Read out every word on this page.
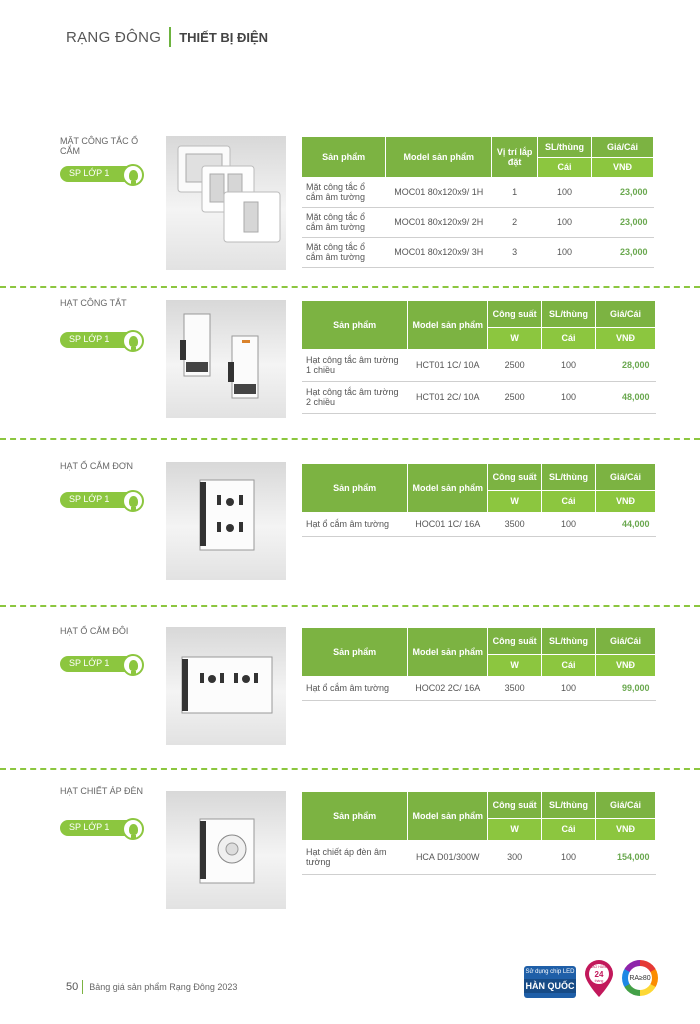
RẠNG ĐÔNG THIẾT BỊ ĐIỆN
MẶT CÔNG TẮC Ổ CẮM
SP LỚP 1
Sản phẩm	Model sản phẩm	Vị trí lắp đặt	SL/thùng	Giá/Cái
			Cái	VNĐ
Mặt công tắc ổ cắm âm tường	MOC01 80x120x9/ 1H	1	100	23,000
Mặt công tắc ổ cắm âm tường	MOC01 80x120x9/ 2H	2	100	23,000
Mặt công tắc ổ cắm âm tường	MOC01 80x120x9/ 3H	3	100	23,000
HẠT CÔNG TẮT
SP LỚP 1
Sản phẩm	Model sản phẩm	Công suất	SL/thùng	Giá/Cái
		W	Cái	VNĐ
Hạt công tắc âm tường 1 chiều	HCT01 1C/ 10A	2500	100	28,000
Hạt công tắc âm tường 2 chiều	HCT01 2C/ 10A	2500	100	48,000
HẠT Ổ CẮM ĐƠN
SP LỚP 1
Sản phẩm	Model sản phẩm	Công suất	SL/thùng	Giá/Cái
		W	Cái	VNĐ
Hạt ổ cắm âm tường	HOC01 1C/ 16A	3500	100	44,000
HẠT Ổ CẮM ĐÔI
SP LỚP 1
Sản phẩm	Model sản phẩm	Công suất	SL/thùng	Giá/Cái
		W	Cái	VNĐ
Hạt ổ cắm âm tường	HOC02 2C/ 16A	3500	100	99,000
HẠT CHIẾT ÁP ĐÈN
SP LỚP 1
Sản phẩm	Model sản phẩm	Công suất	SL/thùng	Giá/Cái
		W	Cái	VNĐ
Hạt chiết áp đèn âm tường	HCA D01/300W	300	100	154,000
50 Bảng giá sản phẩm Rạng Đông 2023
Sử dụng chip LED
HÀN QUỐC
BẢO HÀNH
24
tháng	RA≥80
